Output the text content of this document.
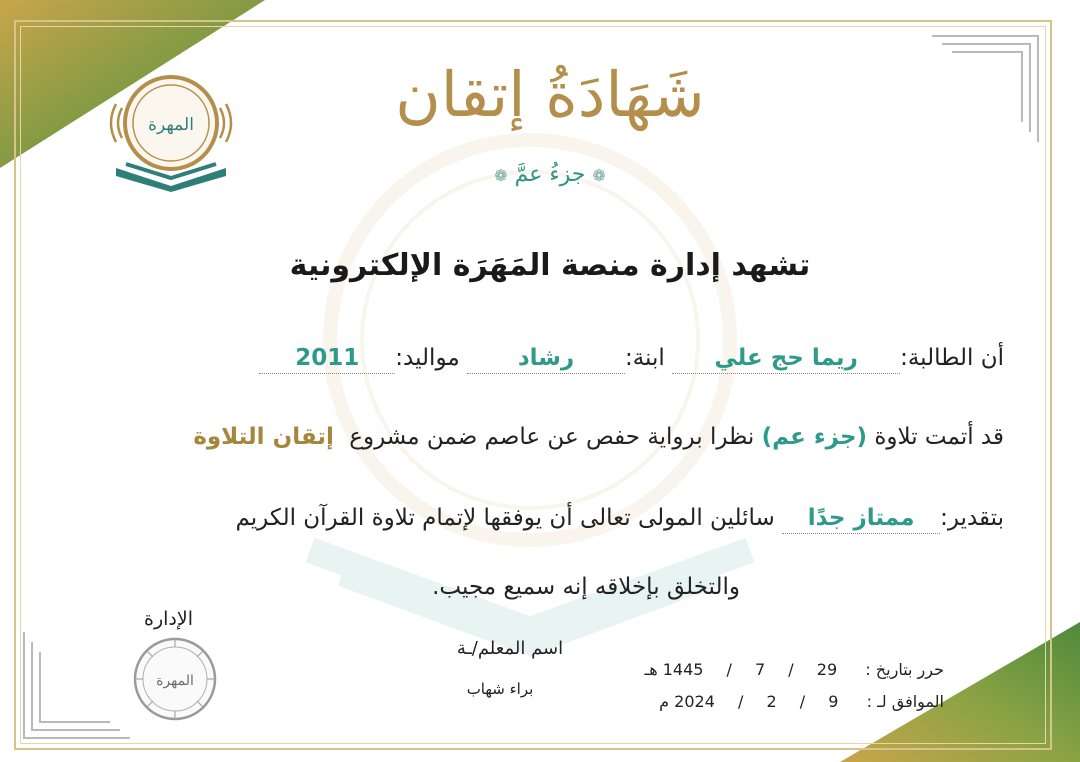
المهرة	شَهَادَةُ إتقان
❁ جزءُ عمَّ ❁
تشهد إدارة منصة المَهَرَة الإلكترونية
أن الطالبة:ريما حج علي ابنة:رشاد مواليد:2011
قد أتمت تلاوة (جزء عم) نظرا برواية حفص عن عاصم ضمن مشروع إتقان التلاوة
بتقدير:ممتاز جدًا سائلين المولى تعالى أن يوفقها لإتمام تلاوة القرآن الكريم
والتخلق بإخلاقه إنه سميع مجيب.
الإدارة
المهرة
اسم المعلم/ـة
براء شهاب
حرر بتاريخ :  29 / 7 / 1445 هـ
الموافق لـ :  9 / 2 / 2024 م
